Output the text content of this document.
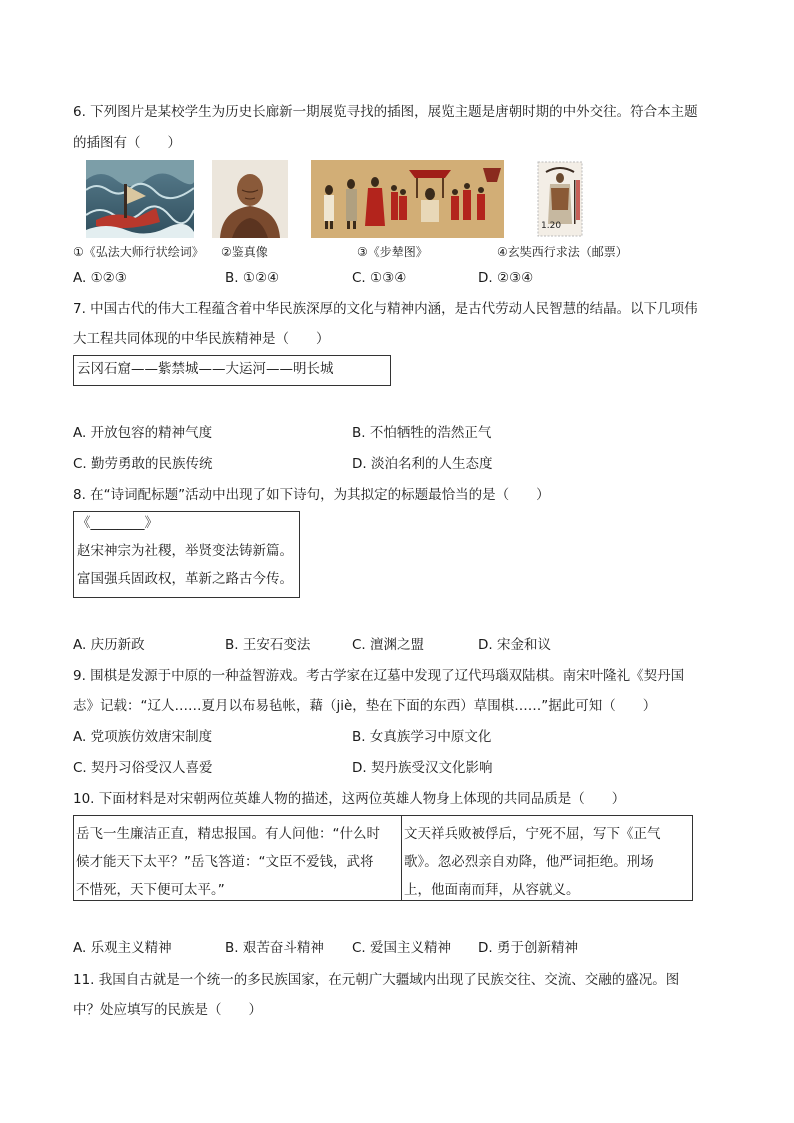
6. 下列图片是某校学生为历史长廊新一期展览寻找的插图，展览主题是唐朝时期的中外交往。符合本主题
的插图有（　　）
1.20
①《弘法大师行状绘词》 ②鉴真像	③《步辇图》	④玄奘西行求法（邮票）
A. ①②③	B. ①②④	C. ①③④	D. ②③④
7. 中国古代的伟大工程蕴含着中华民族深厚的文化与精神内涵，是古代劳动人民智慧的结晶。以下几项伟
大工程共同体现的中华民族精神是（　　）
云冈石窟——紫禁城——大运河——明长城
A. 开放包容的精神气度	B. 不怕牺牲的浩然正气
C. 勤劳勇敢的民族传统	D. 淡泊名利的人生态度
8. 在“诗词配标题”活动中出现了如下诗句，为其拟定的标题最恰当的是（　　）
《________》
赵宋神宗为社稷，举贤变法铸新篇。
富国强兵固政权，革新之路古今传。
A. 庆历新政	B. 王安石变法	C. 澶渊之盟	D. 宋金和议
9. 围棋是发源于中原的一种益智游戏。考古学家在辽墓中发现了辽代玛瑙双陆棋。南宋叶隆礼《契丹国
志》记载：“辽人……夏月以布易毡帐，藉（jiè，垫在下面的东西）草围棋……”据此可知（　　）
A. 党项族仿效唐宋制度	B. 女真族学习中原文化
C. 契丹习俗受汉人喜爱	D. 契丹族受汉文化影响
10. 下面材料是对宋朝两位英雄人物的描述，这两位英雄人物身上体现的共同品质是（　　）
岳飞一生廉洁正直，精忠报国。有人问他：“什么时
候才能天下太平？”岳飞答道：“文臣不爱钱，武将
不惜死，天下便可太平。”
文天祥兵败被俘后，宁死不屈，写下《正气
歌》。忽必烈亲自劝降，他严词拒绝。刑场
上，他面南而拜，从容就义。
A. 乐观主义精神	B. 艰苦奋斗精神 C. 爱国主义精神 D. 勇于创新精神
11. 我国自古就是一个统一的多民族国家，在元朝广大疆域内出现了民族交往、交流、交融的盛况。图
中？处应填写的民族是（　　）
